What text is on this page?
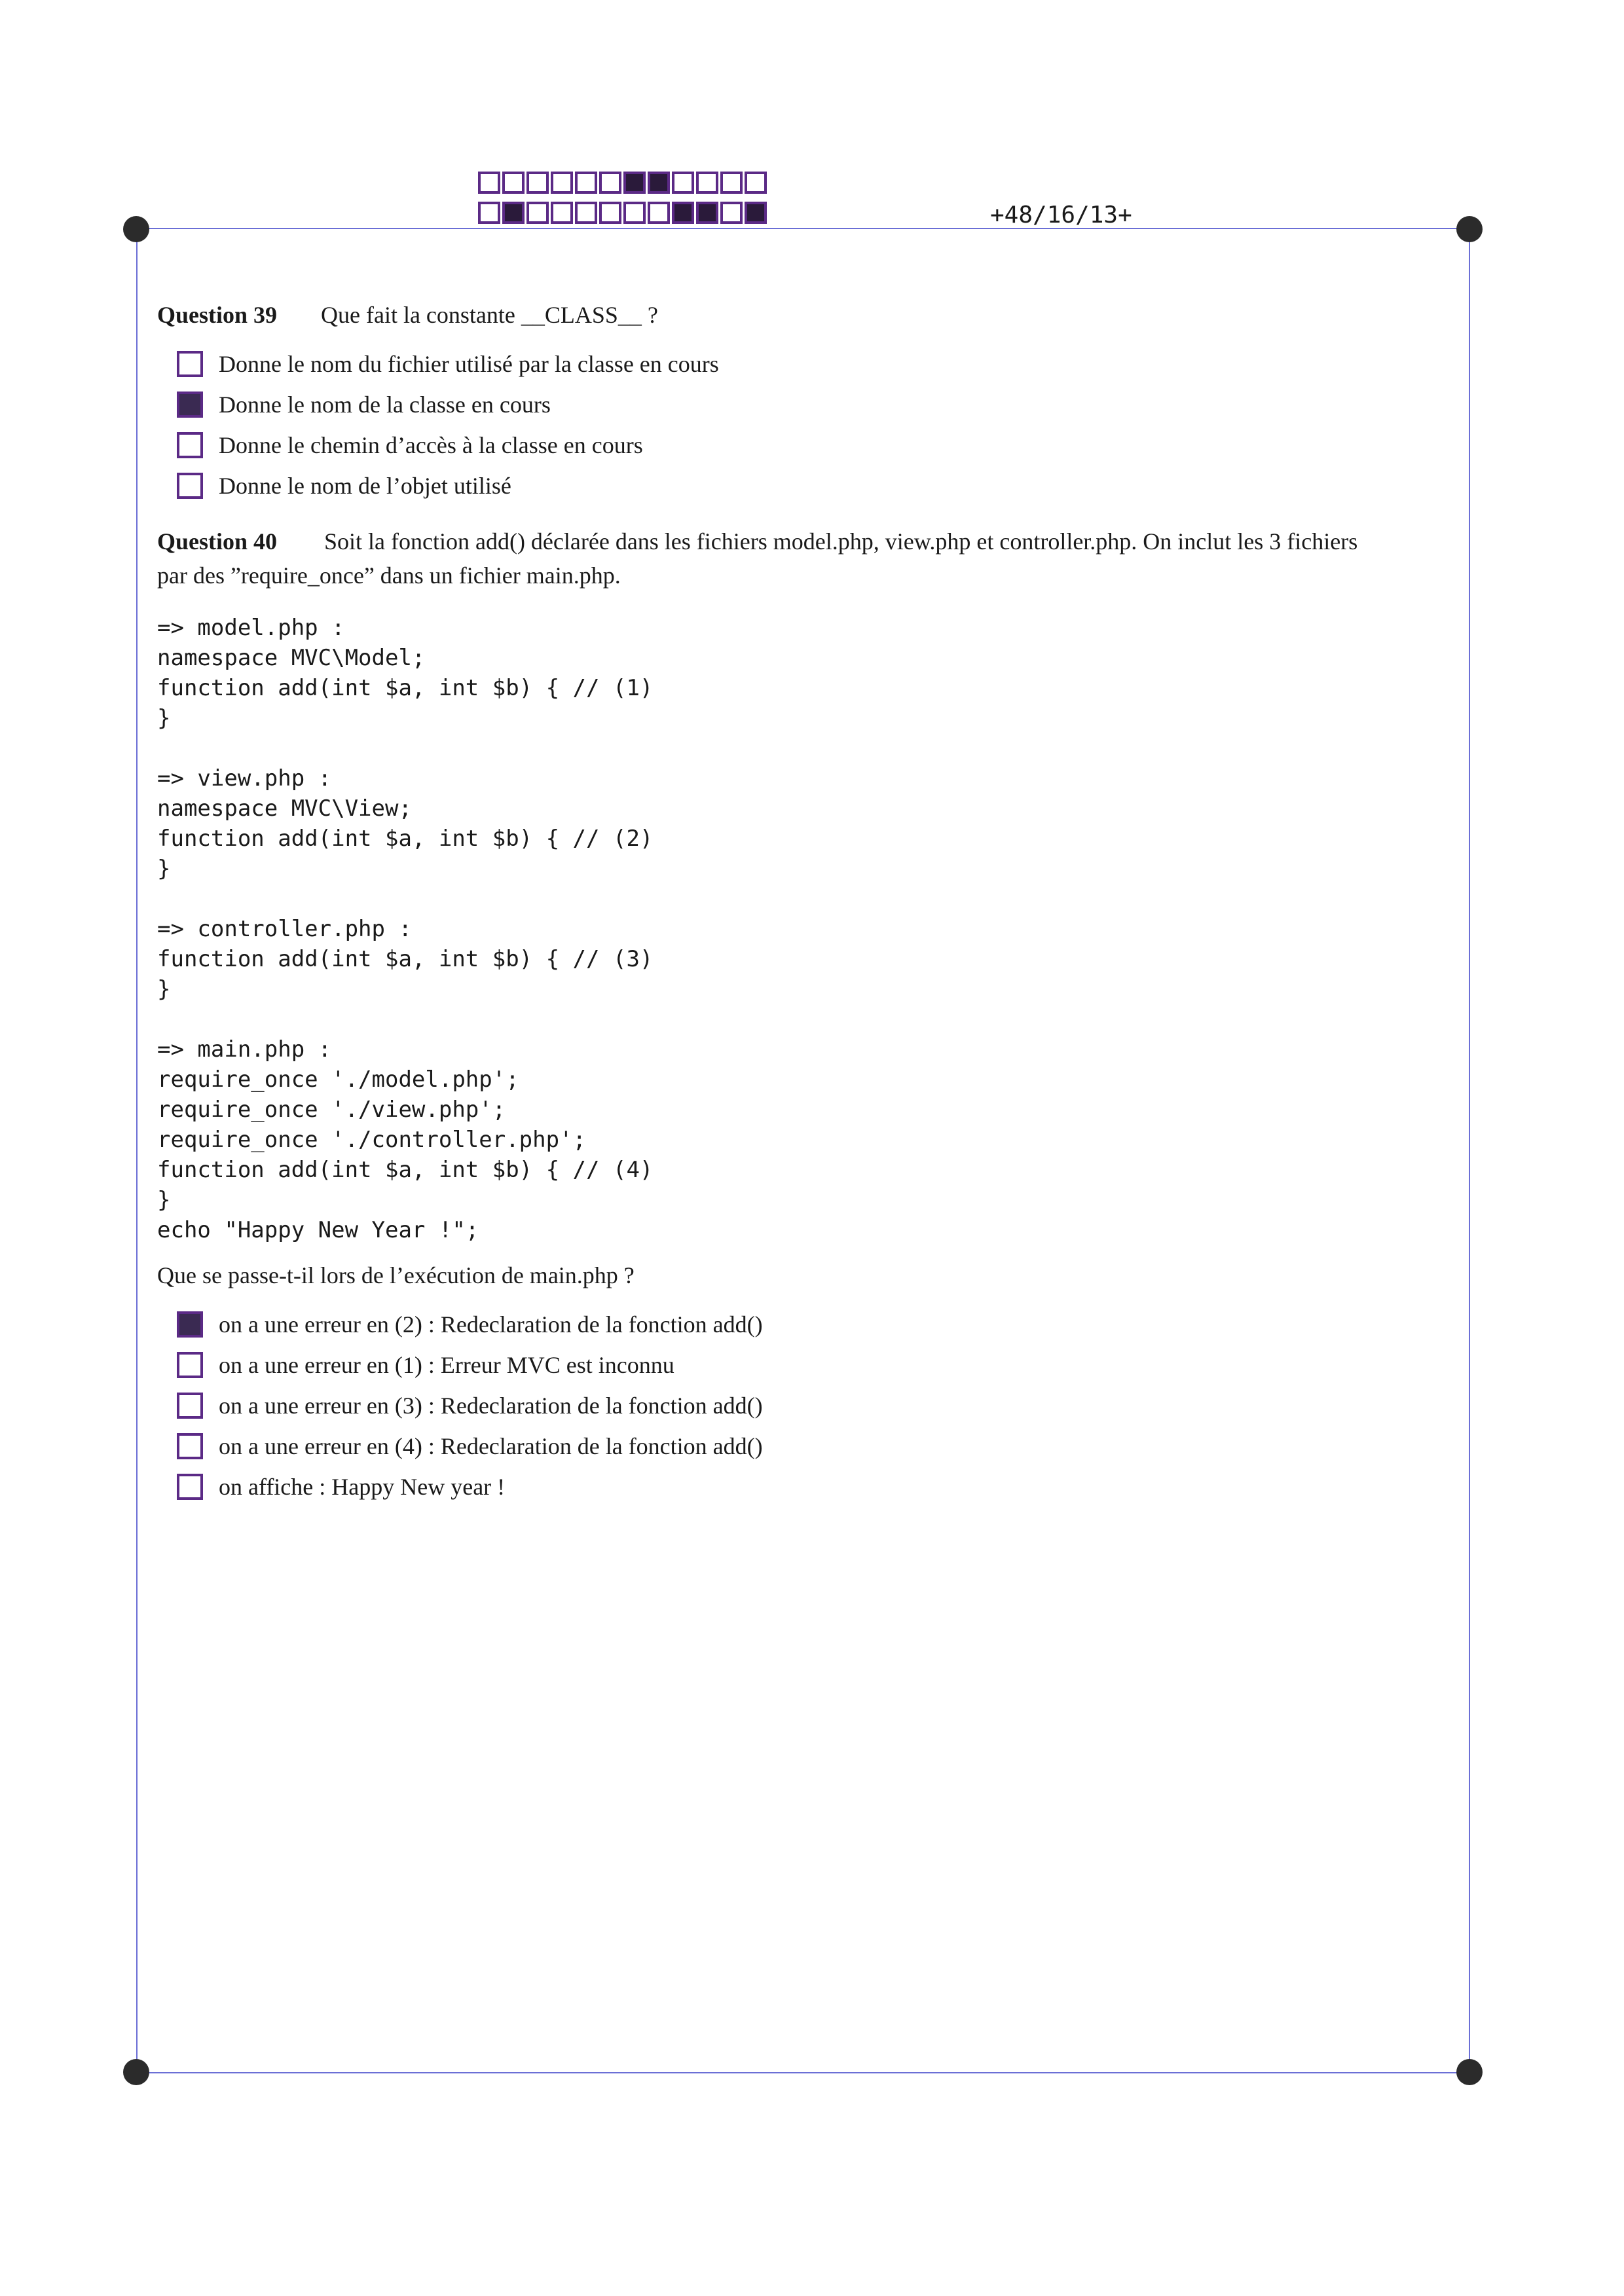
+48/16/13+
Question 39	Que fait la constante __CLASS__ ?
Donne le nom du fichier utilisé par la classe en cours
Donne le nom de la classe en cours
Donne le chemin d’accès à la classe en cours
Donne le nom de l’objet utilisé
Question 40	Soit la fonction add() déclarée dans les fichiers model.php, view.php et controller.php. On inclut les 3 fichiers
par des ”require_once” dans un fichier main.php.
=> model.php :
namespace MVC\Model;
function add(int $a, int $b) { // (1)
}
=> view.php :
namespace MVC\View;
function add(int $a, int $b) { // (2)
}
=> controller.php :
function add(int $a, int $b) { // (3)
}
=> main.php :
require_once './model.php';
require_once './view.php';
require_once './controller.php';
function add(int $a, int $b) { // (4)
}
echo "Happy New Year !";
Que se passe-t-il lors de l’exécution de main.php ?
on a une erreur en (2) : Redeclaration de la fonction add()
on a une erreur en (1) : Erreur MVC est inconnu
on a une erreur en (3) : Redeclaration de la fonction add()
on a une erreur en (4) : Redeclaration de la fonction add()
on affiche : Happy New year !
